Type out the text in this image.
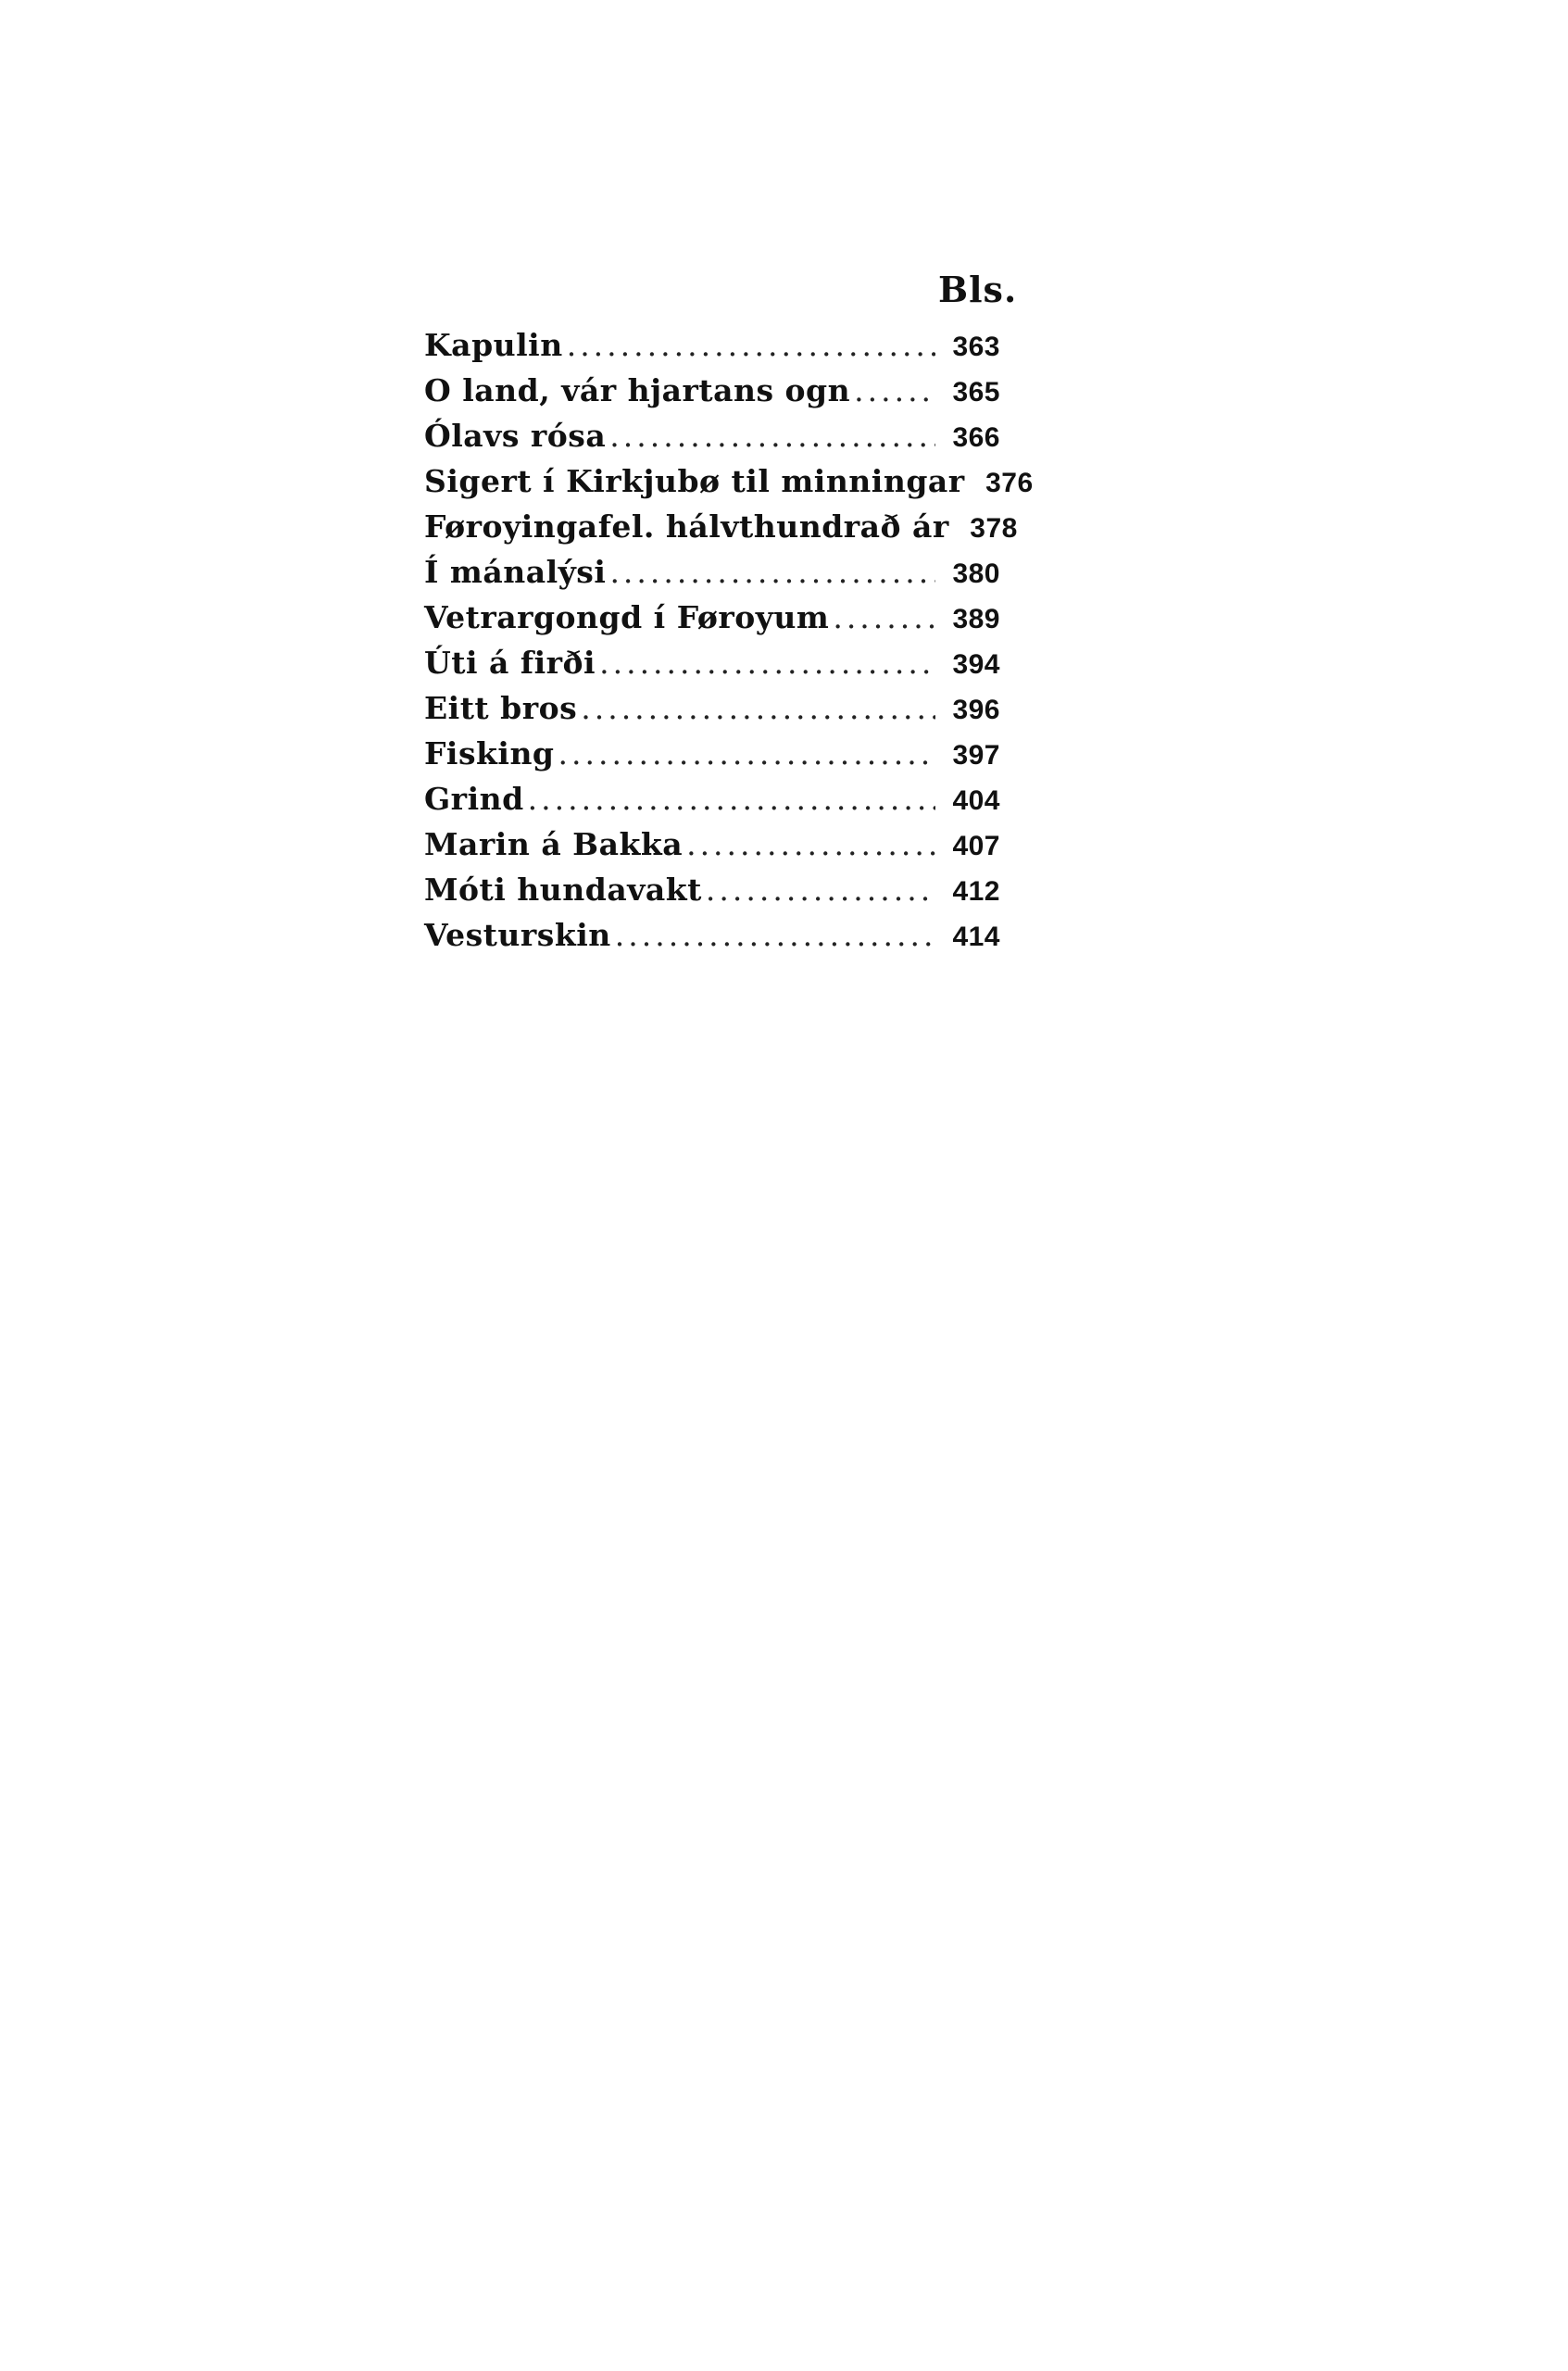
Bls.
Kapulin .....	363
O land, vár hjartans ogn .....	365
Ólavs rósa .....	366
Sigert í Kirkjubø til minningar 376
Føroyingafel. hálvthundrað ár 378
Í mánalýsi .....	380
Vetrargongd í Føroyum .....	389
Úti á firði .....	394
Eitt bros .....	396
Fisking .....	397
Grind .....	404
Marin á Bakka .....	407
Móti hundavakt .....	412
Vesturskin .....	414
